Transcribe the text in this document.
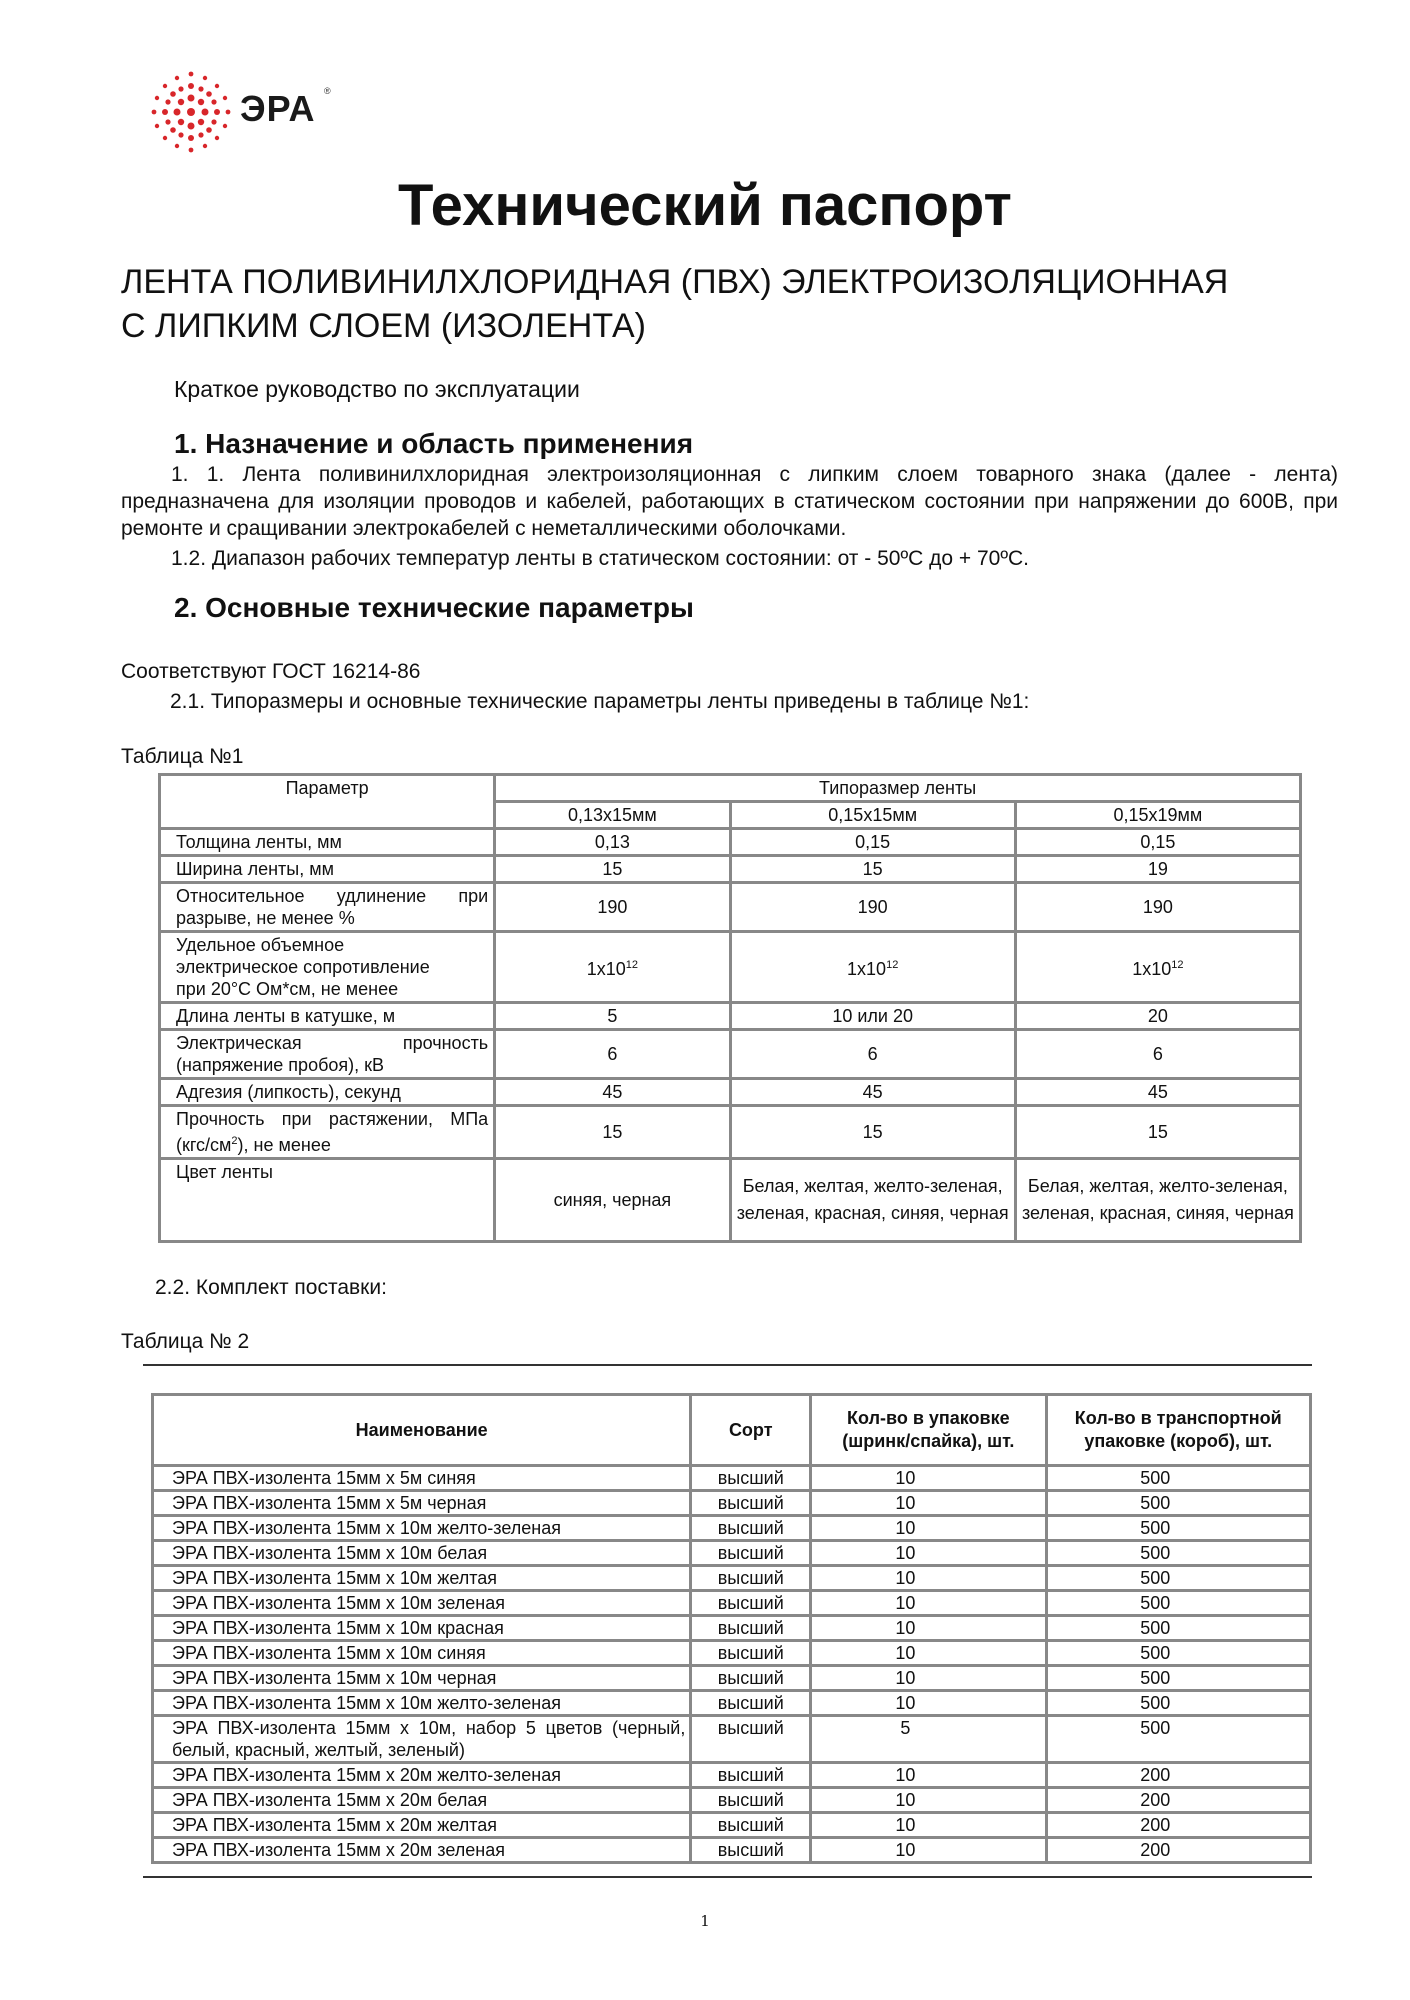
ЭРА ®
Технический паспорт
ЛЕНТА ПОЛИВИНИЛХЛОРИДНАЯ (ПВХ) ЭЛЕКТРОИЗОЛЯЦИОННАЯ
С ЛИПКИМ СЛОЕМ (ИЗОЛЕНТА)
Краткое руководство по эксплуатации
1. Назначение и область применения

1. 1. Лента поливинилхлоридная электроизоляционная с липким слоем товарного знака (далее - лента) предназначена для изоляции проводов и кабелей, работающих в статическом состоянии при напряжении до 600В, при ремонте и сращивании электрокабелей с неметаллическими оболочками.

1.2. Диапазон рабочих температур ленты в статическом состоянии: от - 50ºС до + 70ºС.

2. Основные технические параметры
Соответствуют ГОСТ 16214-86
2.1. Типоразмеры и основные технические параметры ленты приведены в таблице №1:
Таблица №1
Параметр	Типоразмер ленты		
	0,13х15мм	0,15х15мм	0,15х19мм
Толщина ленты, мм	0,13	0,15	0,15
Ширина ленты, мм	15	15	19
Относительное удлинение при разрыве, не менее %	190	190	190

Удельное объемное
электрическое сопротивление
при 20°С Ом*см, не менее	$1х10^{12}$	$1х10^{12}$	$1х10^{12}$
Длина ленты в катушке, м	5	10 или 20	20
Электрическая прочность (напряжение пробоя), кВ	6	6	6
Адгезия (липкость), секунд	45	45	45
Прочность при растяжении, МПа $(кгс/см^2)$, не менее	15	15	15
Цвет ленты	синяя, черная	Белая, желтая, желто-зеленая, зеленая, красная, синяя, черная	Белая, желтая, желто-зеленая, зеленая, красная, синяя, черная
2.2. Комплект поставки:
Таблица № 2
Наименование	Сорт	Кол-во в упаковке (шринк/спайка), шт.	Кол-во в транспортной упаковке (короб), шт.
ЭРА ПВХ-изолента 15мм х 5м синяя	высший	10	500
ЭРА ПВХ-изолента 15мм х 5м черная	высший	10	500
ЭРА ПВХ-изолента 15мм х 10м желто-зеленая	высший	10	500
ЭРА ПВХ-изолента 15мм х 10м белая	высший	10	500
ЭРА ПВХ-изолента 15мм х 10м желтая	высший	10	500
ЭРА ПВХ-изолента 15мм х 10м зеленая	высший	10	500
ЭРА ПВХ-изолента 15мм х 10м красная	высший	10	500
ЭРА ПВХ-изолента 15мм х 10м синяя	высший	10	500
ЭРА ПВХ-изолента 15мм х 10м черная	высший	10	500
ЭРА ПВХ-изолента 15мм х 10м желто-зеленая	высший	10	500
ЭРА ПВХ-изолента 15мм х 10м, набор 5 цветов (черный, белый, красный, желтый, зеленый)	высший	5	500
ЭРА ПВХ-изолента 15мм х 20м желто-зеленая	высший	10	200
ЭРА ПВХ-изолента 15мм х 20м белая	высший	10	200
ЭРА ПВХ-изолента 15мм х 20м желтая	высший	10	200
ЭРА ПВХ-изолента 15мм х 20м зеленая	высший	10	200
1
